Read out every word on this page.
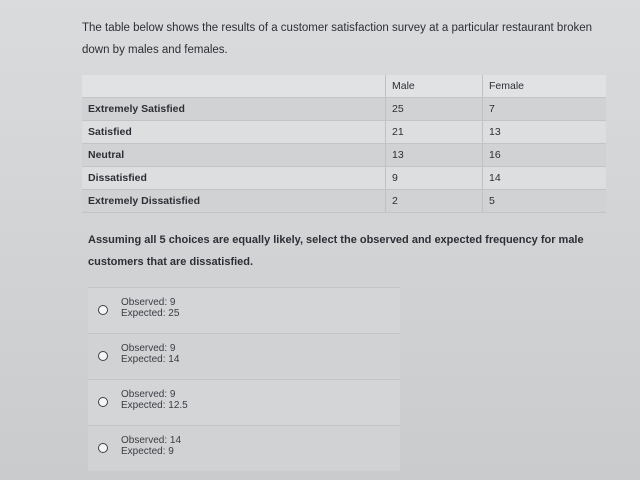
The table below shows the results of a customer satisfaction survey at a particular restaurant broken down by males and females.
	Male	Female
Extremely Satisfied	25	7
Satisfied	21	13
Neutral	13	16
Dissatisfied	9	14
Extremely Dissatisfied	2	5
Assuming all 5 choices are equally likely, select the observed and expected frequency for male customers that are dissatisfied.
Observed: 9
Expected: 25
Observed: 9
Expected: 14
Observed: 9
Expected: 12.5
Observed: 14
Expected: 9
